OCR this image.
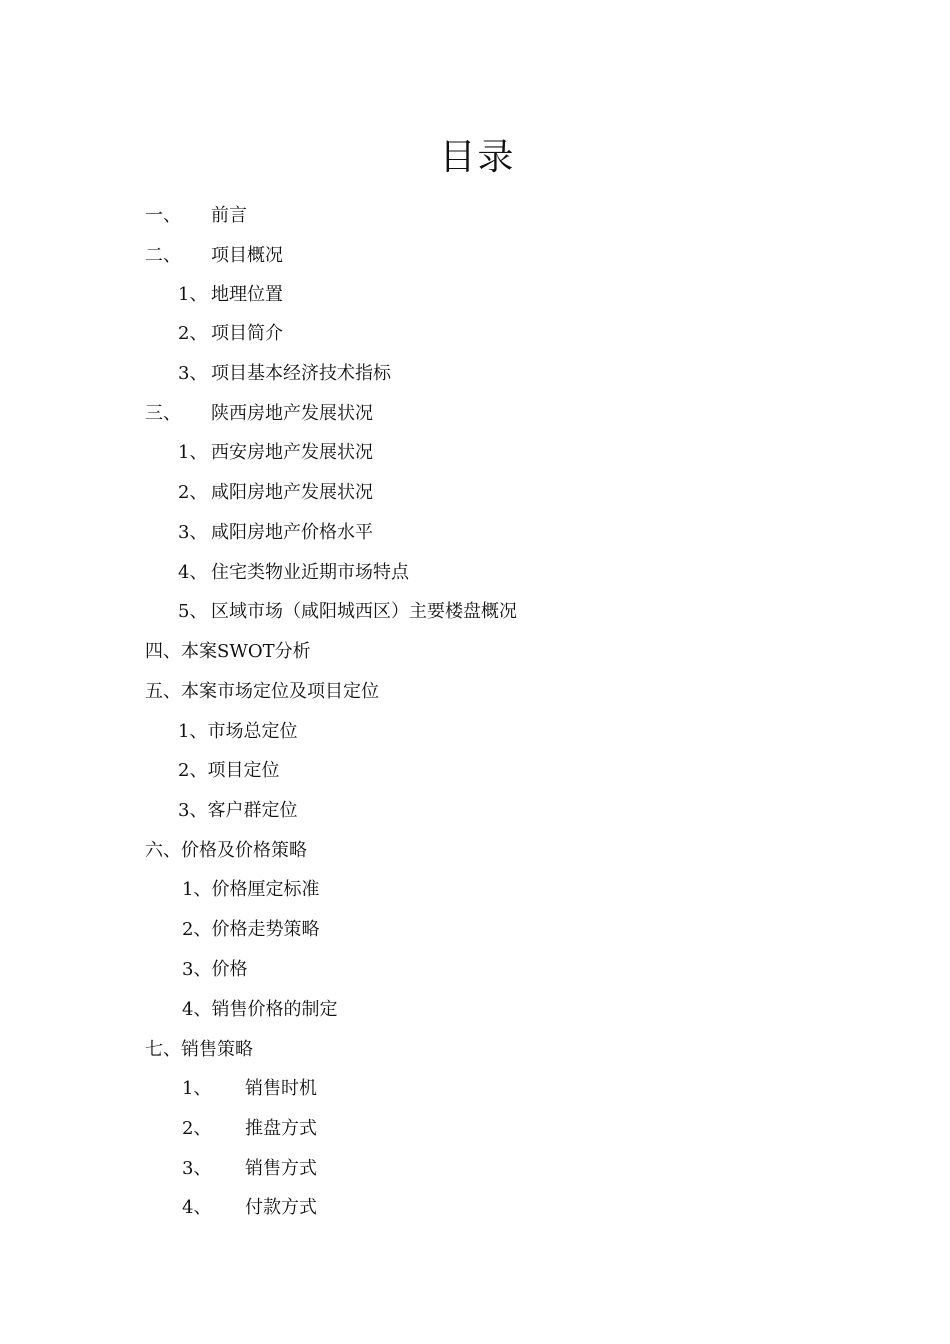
目录
一、 前言
二、 项目概况
1、 地理位置
2、 项目简介
3、 项目基本经济技术指标
三、 陕西房地产发展状况
1、 西安房地产发展状况
2、 咸阳房地产发展状况
3、 咸阳房地产价格水平
4、 住宅类物业近期市场特点
5、 区域市场（咸阳城西区）主要楼盘概况
四、本案SWOT分析
五、本案市场定位及项目定位
1、市场总定位
2、项目定位
3、客户群定位
六、价格及价格策略
1、价格厘定标准
2、价格走势策略
3、价格
4、销售价格的制定
七、销售策略
1、 销售时机
2、 推盘方式
3、 销售方式
4、 付款方式
